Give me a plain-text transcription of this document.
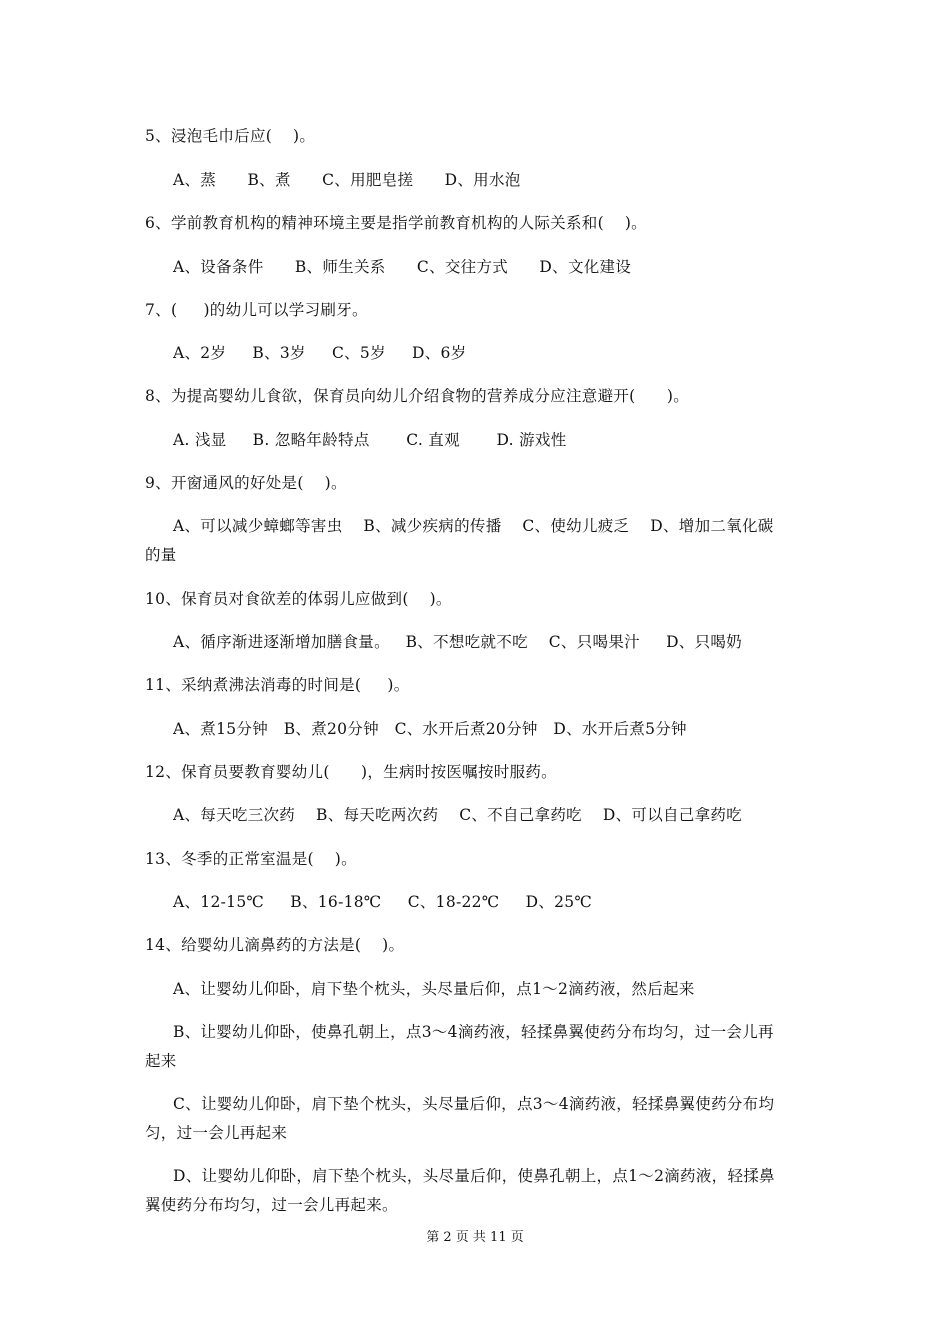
5、浸泡毛巾后应(    )。
A、蒸      B、煮      C、用肥皂搓      D、用水泡
6、学前教育机构的精神环境主要是指学前教育机构的人际关系和(    )。
A、设备条件      B、师生关系      C、交往方式      D、文化建设
7、(     )的幼儿可以学习刷牙。
A、2岁     B、3岁     C、5岁     D、6岁
8、为提高婴幼儿食欲，保育员向幼儿介绍食物的营养成分应注意避开(      )。
A. 浅显     B. 忽略年龄特点       C. 直观       D. 游戏性
9、开窗通风的好处是(    )。
A、可以减少蟑螂等害虫    B、减少疾病的传播    C、使幼儿疲乏    D、增加二氧化碳
的量
10、保育员对食欲差的体弱儿应做到(    )。
A、循序渐进逐渐增加膳食量。   B、不想吃就不吃    C、只喝果汁     D、只喝奶
11、采纳煮沸法消毒的时间是(     )。
A、煮15分钟   B、煮20分钟   C、水开后煮20分钟   D、水开后煮5分钟
12、保育员要教育婴幼儿(      )，生病时按医嘱按时服药。
A、每天吃三次药    B、每天吃两次药    C、不自己拿药吃    D、可以自己拿药吃
13、冬季的正常室温是(    )。
A、12-15℃     B、16-18℃     C、18-22℃     D、25℃
14、给婴幼儿滴鼻药的方法是(    )。
A、让婴幼儿仰卧，肩下垫个枕头，头尽量后仰，点1～2滴药液，然后起来
B、让婴幼儿仰卧，使鼻孔朝上，点3～4滴药液，轻揉鼻翼使药分布均匀，过一会儿再
起来
C、让婴幼儿仰卧，肩下垫个枕头，头尽量后仰，点3～4滴药液，轻揉鼻翼使药分布均
匀，过一会儿再起来
D、让婴幼儿仰卧，肩下垫个枕头，头尽量后仰，使鼻孔朝上，点1～2滴药液，轻揉鼻
翼使药分布均匀，过一会儿再起来。
第 2 页 共 11 页
